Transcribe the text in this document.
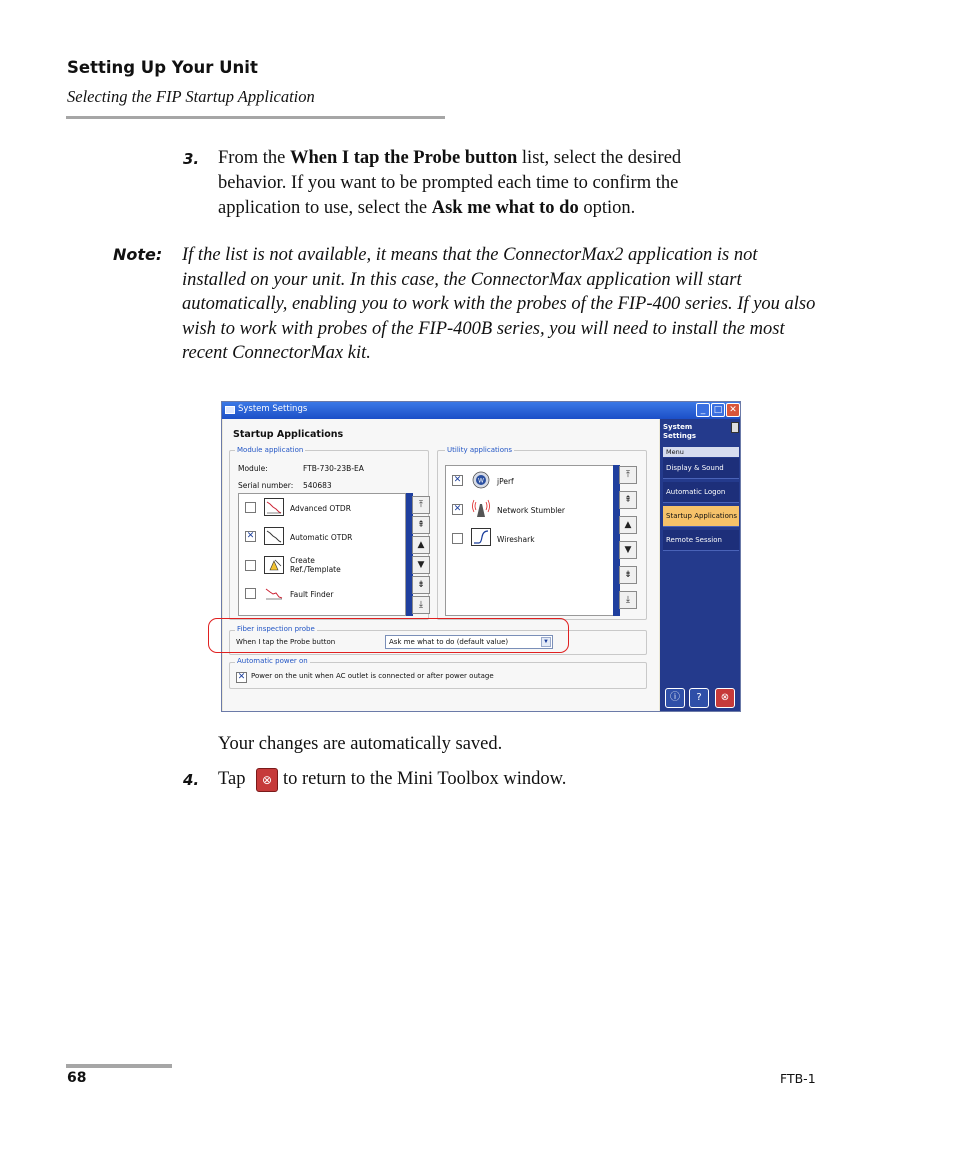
Setting Up Your Unit
Selecting the FIP Startup Application
3. From the When I tap the Probe button list, select the desired
behavior. If you want to be prompted each time to confirm the
application to use, select the Ask me what to do option.
Note: If the list is not available, it means that the ConnectorMax2 application is not installed on your unit. In this case, the ConnectorMax application will start automatically, enabling you to work with the probes of the FIP-400 series. If you also wish to work with probes of the FIP-400B series, you will need to install the most recent ConnectorMax kit.
System Settings	_ □ ✕
Startup Applications
Module application
Module:	FTB-730-23B-EA
Serial number: 540683
Advanced OTDR
✕	Automatic OTDR
Create
Ref./Template
Fault Finder
⤒
⇞
▲
▼
⇟
⤓
Utility applications
✕	W jPerf
✕	Network Stumbler
Wireshark
⤒
⇞
▲
▼
⇟
⤓
Fiber inspection probe
When I tap the Probe button	Ask me what to do (default value)	▼
Automatic power on
✕ Power on the unit when AC outlet is connected or after power outage
System
Settings
Menu
Display & Sound
Automatic Logon
Startup Applications
Remote Session
ⓘ	?	⊗
Your changes are automatically saved.
4. Tap	⊗ to return to the Mini Toolbox window.
68	FTB-1
